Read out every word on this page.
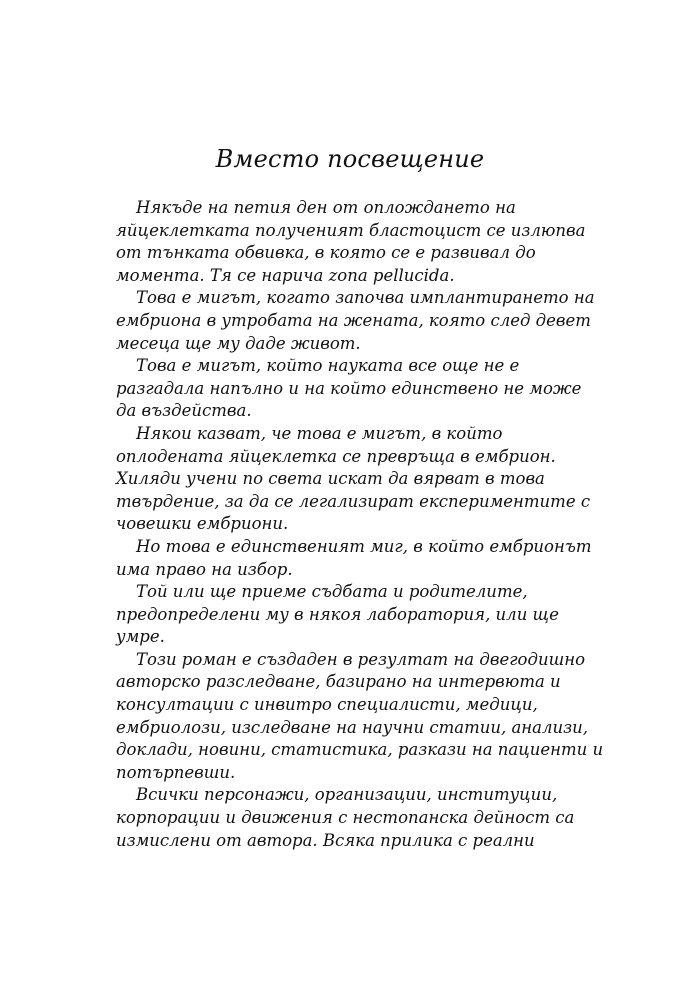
Вместо посвещение
Някъде на петия ден от оплождането на
яйцеклетката полученият бластоцист се излюпва
от тънката обвивка, в която се е развивал до
момента. Тя се нарича zona pellucida.
Това е мигът, когато започва имплантирането на
ембриона в утробата на жената, която след девет
месеца ще му даде живот.
Това е мигът, който науката все още не е
разгадала напълно и на който единствено не може
да въздейства.
Някои казват, че това е мигът, в който
оплодената яйцеклетка се превръща в ембрион.
Хиляди учени по света искат да вярват в това
твърдение, за да се легализират експериментите с
човешки ембриони.
Но това е единственият миг, в който ембрионът
има право на избор.
Той или ще приеме съдбата и родителите,
предопределени му в някоя лаборатория, или ще
умре.
Този роман е създаден в резултат на двегодишно
авторско разследване, базирано на интервюта и
консултации с инвитро специалисти, медици,
ембриолози, изследване на научни статии, анализи,
доклади, новини, статистика, разкази на пациенти и
потърпевши.
Всички персонажи, организации, институции,
корпорации и движения с нестопанска дейност са
измислени от автора. Всяка прилика с реални
